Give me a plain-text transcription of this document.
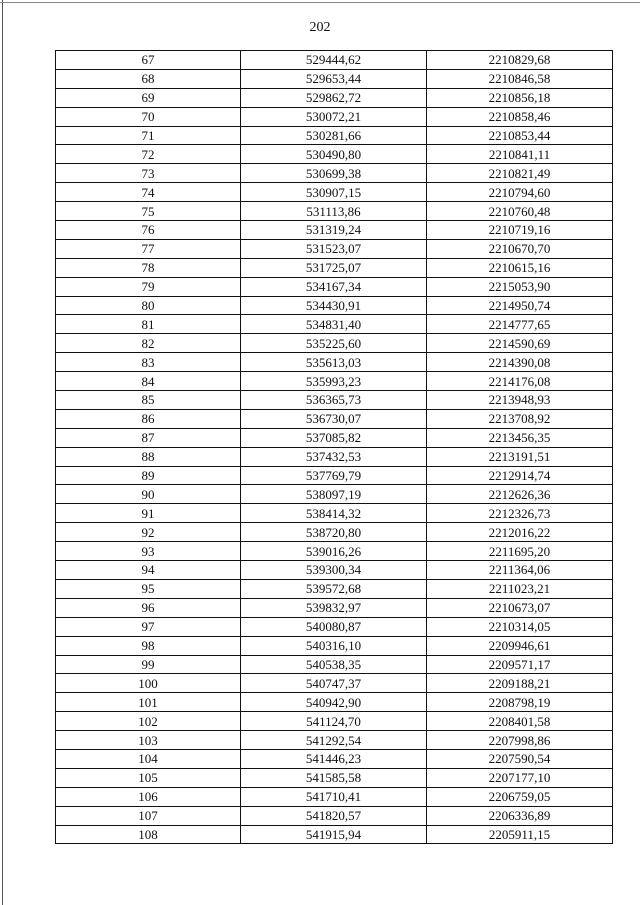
202
67	529444,62	2210829,68
68	529653,44	2210846,58
69	529862,72	2210856,18
70	530072,21	2210858,46
71	530281,66	2210853,44
72	530490,80	2210841,11
73	530699,38	2210821,49
74	530907,15	2210794,60
75	531113,86	2210760,48
76	531319,24	2210719,16
77	531523,07	2210670,70
78	531725,07	2210615,16
79	534167,34	2215053,90
80	534430,91	2214950,74
81	534831,40	2214777,65
82	535225,60	2214590,69
83	535613,03	2214390,08
84	535993,23	2214176,08
85	536365,73	2213948,93
86	536730,07	2213708,92
87	537085,82	2213456,35
88	537432,53	2213191,51
89	537769,79	2212914,74
90	538097,19	2212626,36
91	538414,32	2212326,73
92	538720,80	2212016,22
93	539016,26	2211695,20
94	539300,34	2211364,06
95	539572,68	2211023,21
96	539832,97	2210673,07
97	540080,87	2210314,05
98	540316,10	2209946,61
99	540538,35	2209571,17
100	540747,37	2209188,21
101	540942,90	2208798,19
102	541124,70	2208401,58
103	541292,54	2207998,86
104	541446,23	2207590,54
105	541585,58	2207177,10
106	541710,41	2206759,05
107	541820,57	2206336,89
108	541915,94	2205911,15
